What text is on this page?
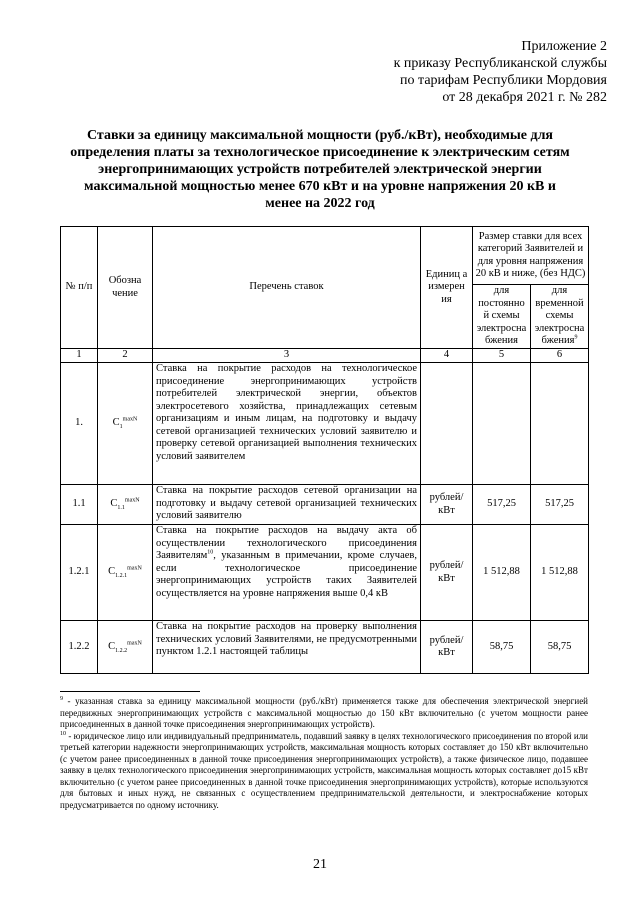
Приложение 2
к приказу Республиканской службы
по тарифам Республики Мордовия
от 28 декабря 2021 г. № 282
Ставки за единицу максимальной мощности (руб./кВт), необходимые для определения платы за технологическое присоединение к электрическим сетям энергопринимающих устройств потребителей электрической энергии максимальной мощностью менее 670 кВт и на уровне напряжения 20 кВ и менее на 2022 год
№ п/п	Обозна чение	Перечень ставок	Единиц а измерен ия	Размер ставки для всех категорий Заявителей и для уровня напряжения 20 кВ и ниже, (без НДС)	
				для постоянно й схемы электросна бжения	для временной схемы электросна бжения$^9$
1	2	3	4	5	6
1.	$C_1^{maxN}$	Ставка на покрытие расходов на технологическое присоединение энергопринимающих устройств потребителей электрической энергии, объектов электросетевого хозяйства, принадлежащих сетевым организациям и иным лицам, на подготовку и выдачу сетевой организацией технических условий заявителю и проверку сетевой организацией выполнения технических условий заявителем			
1.1	$C_{1.1}^{maxN}$	Ставка на покрытие расходов сетевой организации на подготовку и выдачу сетевой организацией технических условий заявителю	рублей/ кВт	517,25	517,25
1.2.1	$C_{1.2.1}^{maxN}$	Ставка на покрытие расходов на выдачу акта об осуществлении технологического присоединения Заявителям$^{10}$, указанным в примечании, кроме случаев, если технологическое присоединение энергопринимающих устройств таких Заявителей осуществляется на уровне напряжения выше 0,4 кВ	рублей/ кВт	1 512,88	1 512,88
1.2.2	$C_{1.2.2}^{maxN}$	Ставка на покрытие расходов на проверку выполнения технических условий Заявителями, не предусмотренными пунктом 1.2.1 настоящей таблицы	рублей/ кВт	58,75	58,75

$^9$ - указанная ставка за единицу максимальной мощности (руб./кВт) применяется также для обеспечения электрической энергией передвижных энергопринимающих устройств с максимальной мощностью до 150 кВт включительно (с учетом мощности ранее присоединенных в данной точке присоединения энергопринимающих устройств).

$^{10}$ - юридическое лицо или индивидуальный предприниматель, подавший заявку в целях технологического присоединения по второй или третьей категории надежности энергопринимающих устройств, максимальная мощность которых составляет до 150 кВт включительно (с учетом ранее присоединенных в данной точке присоединения энергопринимающих устройств), а также физическое лицо, подавшее заявку в целях технологического присоединения энергопринимающих устройств, максимальная мощность которых составляет до15 кВт включительно (с учетом ранее присоединенных в данной точке присоединения энергопринимающих устройств), которые используются для бытовых и иных нужд, не связанных с осуществлением предпринимательской деятельности, и электроснабжение которых предусматривается по одному источнику.

21
